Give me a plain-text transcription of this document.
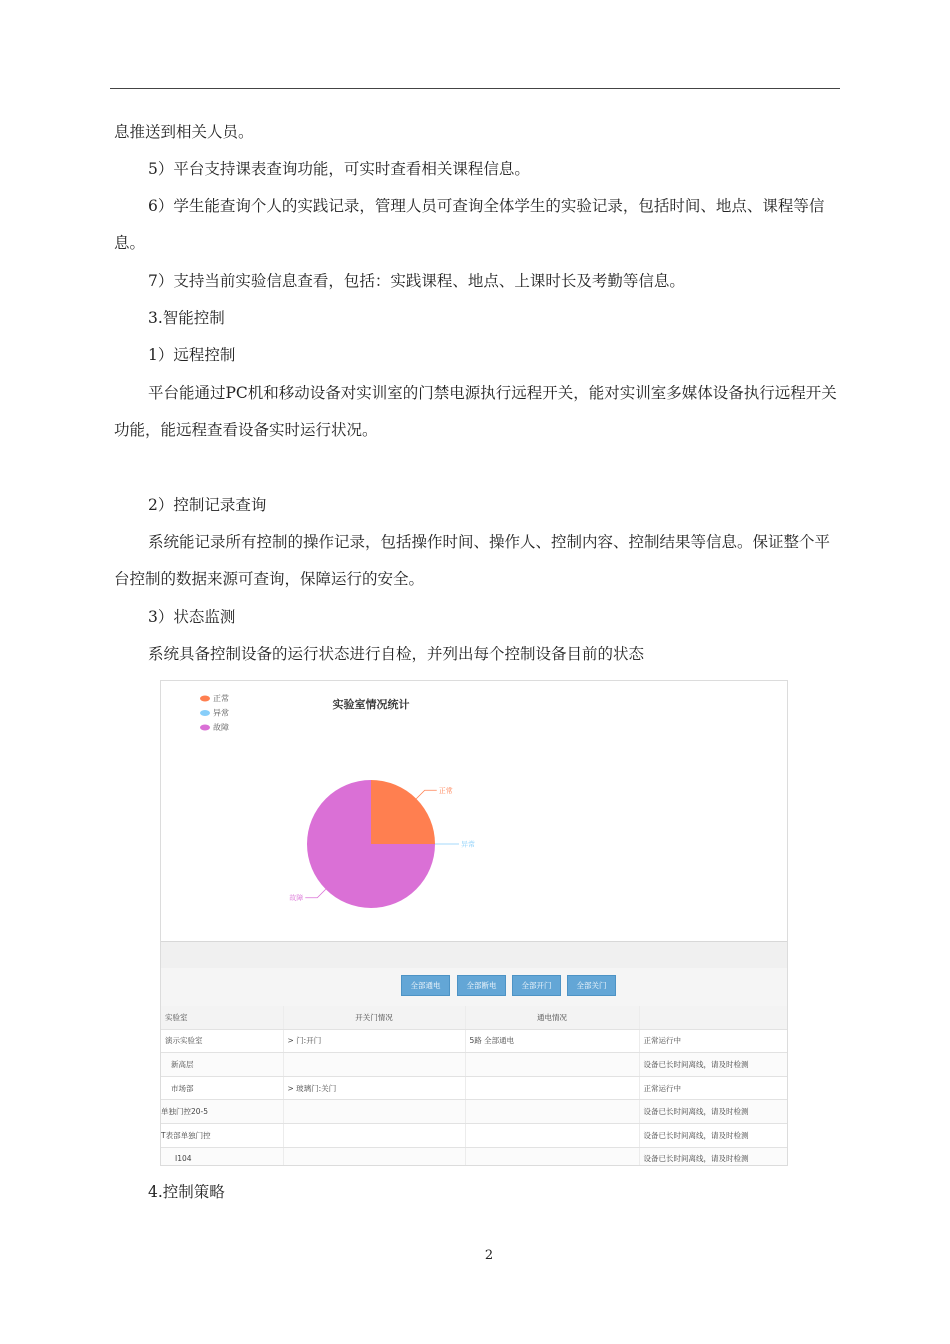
息推送到相关人员。

5）平台支持课表查询功能，可实时查看相关课程信息。

6）学生能查询个人的实践记录，管理人员可查询全体学生的实验记录，包括时间、地点、课程等信息。

7）支持当前实验信息查看，包括：实践课程、地点、上课时长及考勤等信息。

3.智能控制

1）远程控制

平台能通过PC机和移动设备对实训室的门禁电源执行远程开关，能对实训室多媒体设备执行远程开关功能，能远程查看设备实时运行状况。

2）控制记录查询

系统能记录所有控制的操作记录，包括操作时间、操作人、控制内容、控制结果等信息。保证整个平台控制的数据来源可查询，保障运行的安全。

3）状态监测

系统具备控制设备的运行状态进行自检，并列出每个控制设备目前的状态

正常
异常
故障
实验室情况统计
正常
异常
故障
全部通电	全部断电	全部开门	全部关门
实验室	开关门情况	通电情况	
演示实验室	> 门:开门	5路 全部通电	正常运行中
新高层			设备已长时间离线，请及时检测
市场部	> 玻璃门:关门		正常运行中
单独门控20-5			设备已长时间离线，请及时检测
T表部单独门控			设备已长时间离线，请及时检测
I104			设备已长时间离线，请及时检测

4.控制策略

2
